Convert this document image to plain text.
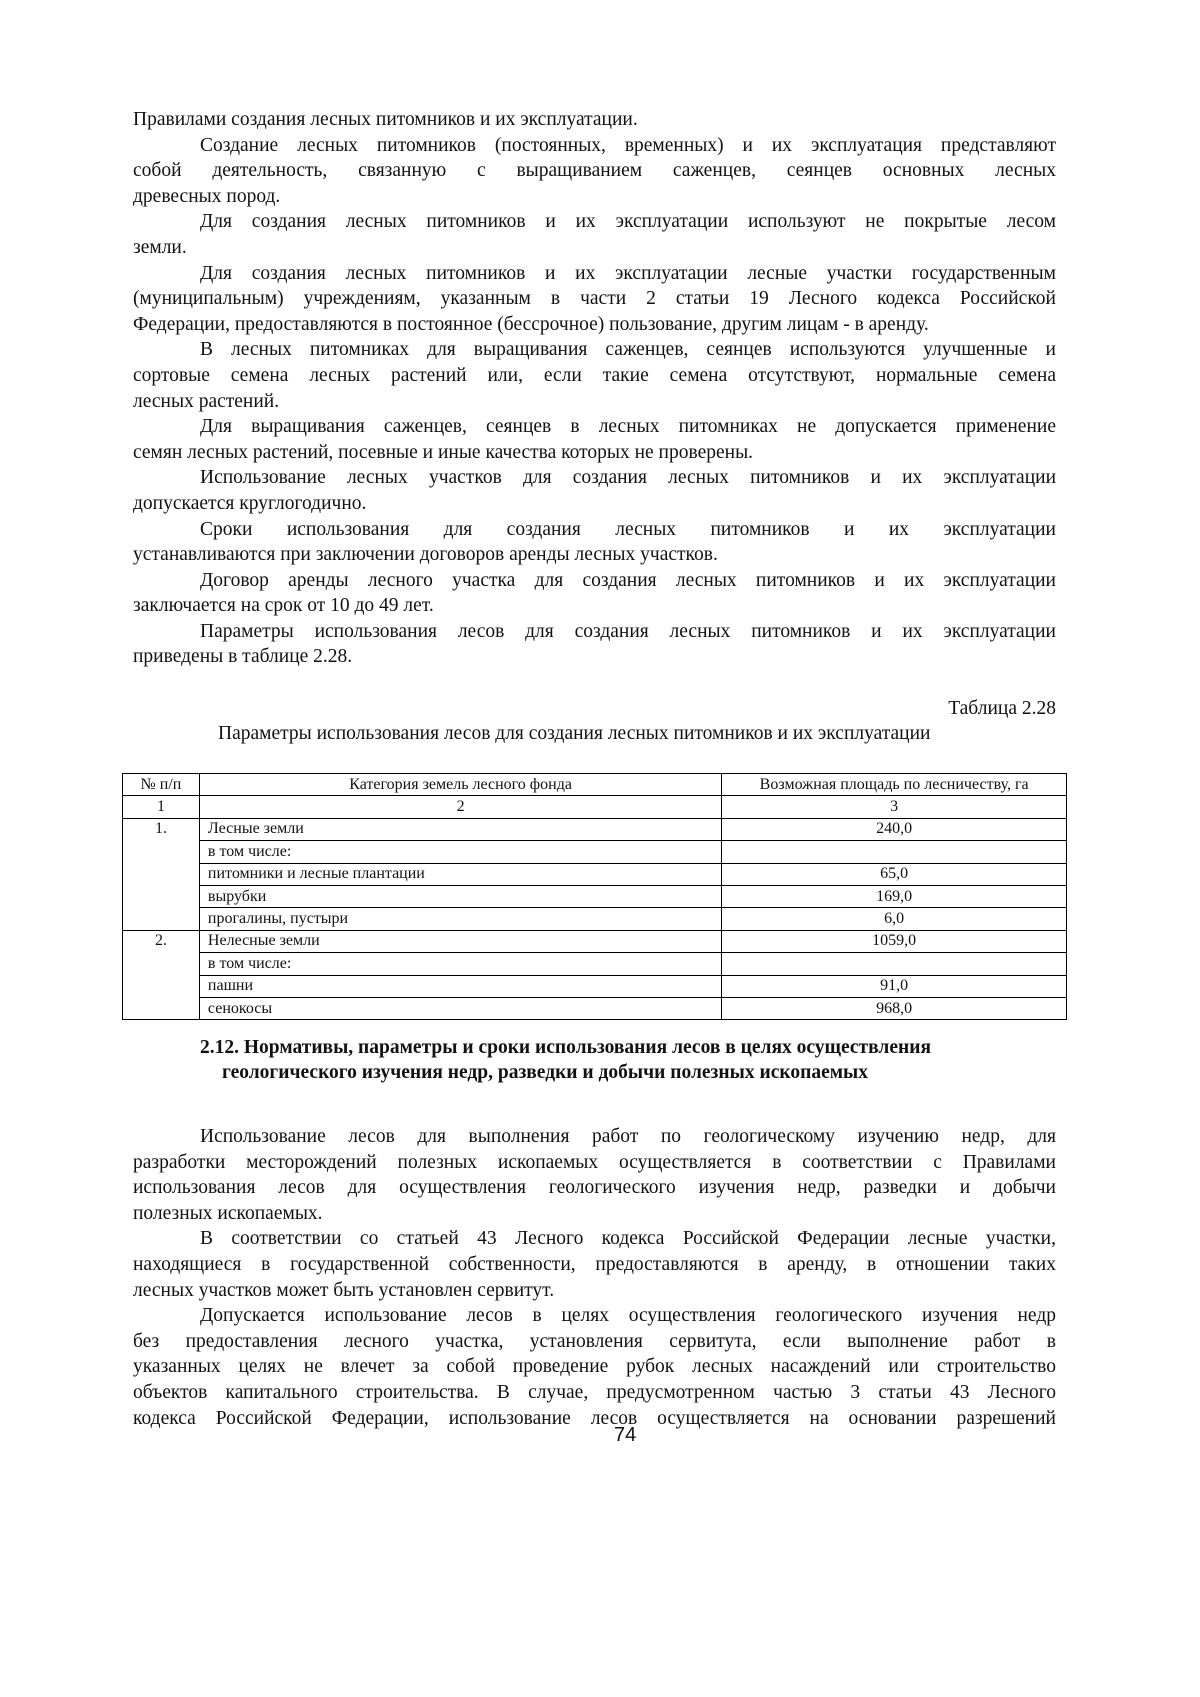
Правилами создания лесных питомников и их эксплуатации.
Создание лесных питомников (постоянных, временных) и их эксплуатация представляют
собой деятельность, связанную с выращиванием саженцев, сеянцев основных лесных
древесных пород.
Для создания лесных питомников и их эксплуатации используют не покрытые лесом
земли.
Для создания лесных питомников и их эксплуатации лесные участки государственным
(муниципальным) учреждениям, указанным в части 2 статьи 19 Лесного кодекса Российской
Федерации, предоставляются в постоянное (бессрочное) пользование, другим лицам - в аренду.
В лесных питомниках для выращивания саженцев, сеянцев используются улучшенные и
сортовые семена лесных растений или, если такие семена отсутствуют, нормальные семена
лесных растений.
Для выращивания саженцев, сеянцев в лесных питомниках не допускается применение
семян лесных растений, посевные и иные качества которых не проверены.
Использование лесных участков для создания лесных питомников и их эксплуатации
допускается круглогодично.
Сроки использования для создания лесных питомников и их эксплуатации
устанавливаются при заключении договоров аренды лесных участков.
Договор аренды лесного участка для создания лесных питомников и их эксплуатации
заключается на срок от 10 до 49 лет.
Параметры использования лесов для создания лесных питомников и их эксплуатации
приведены в таблице 2.28.
Таблица 2.28
Параметры использования лесов для создания лесных питомников и их эксплуатации
№ п/п	Категория земель лесного фонда	Возможная площадь по лесничеству, га
1	2	3
1.	Лесные земли	240,0
	в том числе:	
	питомники и лесные плантации	65,0
	вырубки	169,0
	прогалины, пустыри	6,0
2.	Нелесные земли	1059,0
	в том числе:	
	пашни	91,0
	сенокосы	968,0
2.12. Нормативы, параметры и сроки использования лесов в целях осуществления
геологического изучения недр, разведки и добычи полезных ископаемых
Использование лесов для выполнения работ по геологическому изучению недр, для
разработки месторождений полезных ископаемых осуществляется в соответствии с Правилами
использования лесов для осуществления геологического изучения недр, разведки и добычи
полезных ископаемых.
В соответствии со статьей 43 Лесного кодекса Российской Федерации лесные участки,
находящиеся в государственной собственности, предоставляются в аренду, в отношении таких
лесных участков может быть установлен сервитут.
Допускается использование лесов в целях осуществления геологического изучения недр
без предоставления лесного участка, установления сервитута, если выполнение работ в
указанных целях не влечет за собой проведение рубок лесных насаждений или строительство
объектов капитального строительства. В случае, предусмотренном частью 3 статьи 43 Лесного
кодекса Российской Федерации, использование лесов осуществляется на основании разрешений
74
